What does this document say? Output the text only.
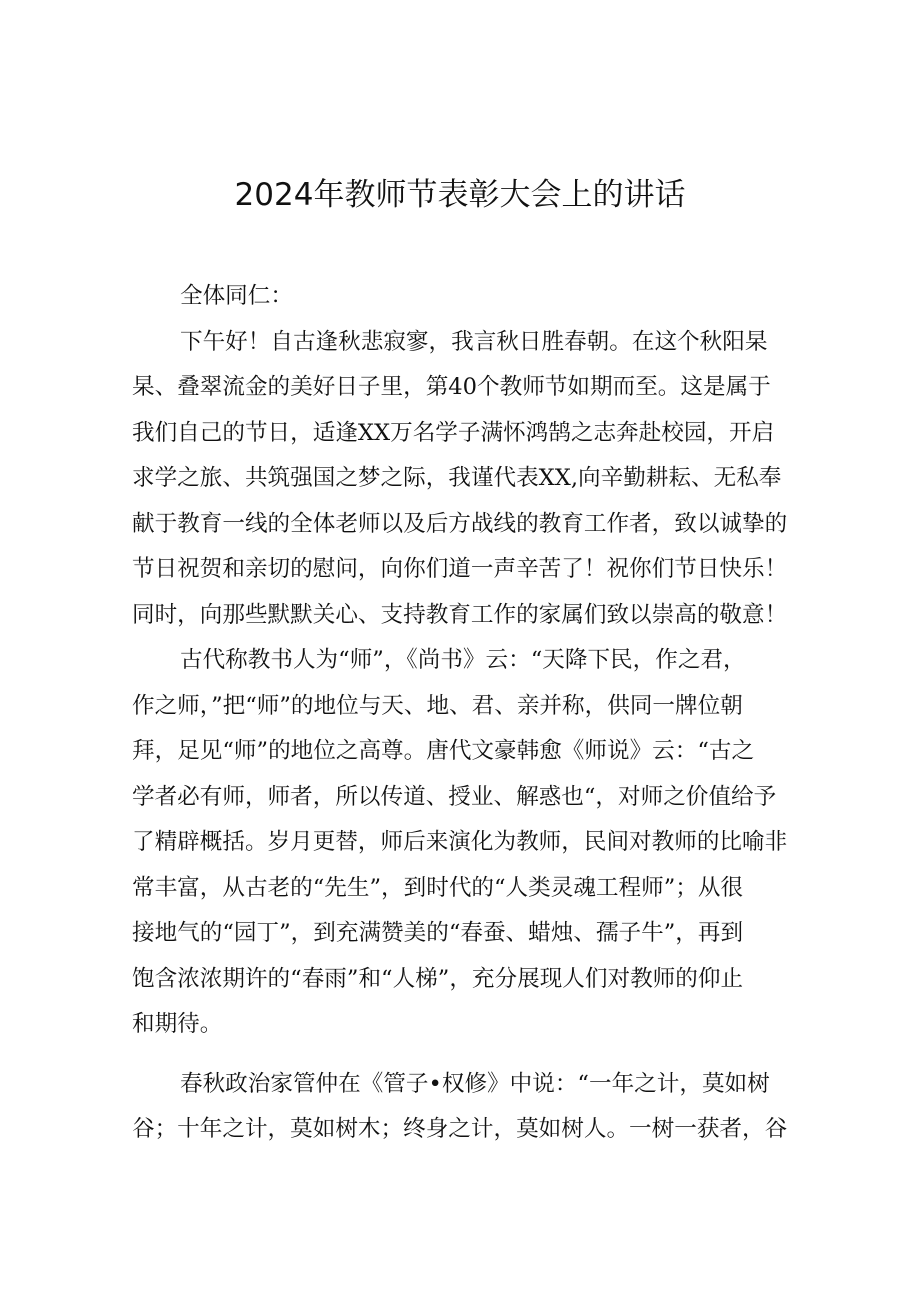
2024年教师节表彰大会上的讲话
全体同仁：
下午好！自古逢秋悲寂寥，我言秋日胜春朝。在这个秋阳杲
杲、叠翠流金的美好日子里，第40个教师节如期而至。这是属于
我们自己的节日，适逢XX万名学子满怀鸿鹄之志奔赴校园，开启
求学之旅、共筑强国之梦之际，我谨代表XX,向辛勤耕耘、无私奉
献于教育一线的全体老师以及后方战线的教育工作者，致以诚挚的
节日祝贺和亲切的慰问，向你们道一声辛苦了！祝你们节日快乐！
同时，向那些默默关心、支持教育工作的家属们致以崇高的敬意！
古代称教书人为“师”，《尚书》云：“天降下民，作之君，
作之师，”把“师”的地位与天、地、君、亲并称，供同一牌位朝
拜，足见“师”的地位之高尊。唐代文豪韩愈《师说》云：“古之
学者必有师，师者，所以传道、授业、解惑也“，对师之价值给予
了精辟概括。岁月更替，师后来演化为教师，民间对教师的比喻非
常丰富，从古老的“先生”，到时代的“人类灵魂工程师”；从很
接地气的“园丁”，到充满赞美的“春蚕、蜡烛、孺子牛”，再到
饱含浓浓期许的“春雨”和“人梯”，充分展现人们对教师的仰止
和期待。
春秋政治家管仲在《管子•权修》中说：“一年之计，莫如树
谷；十年之计，莫如树木；终身之计，莫如树人。一树一获者，谷
